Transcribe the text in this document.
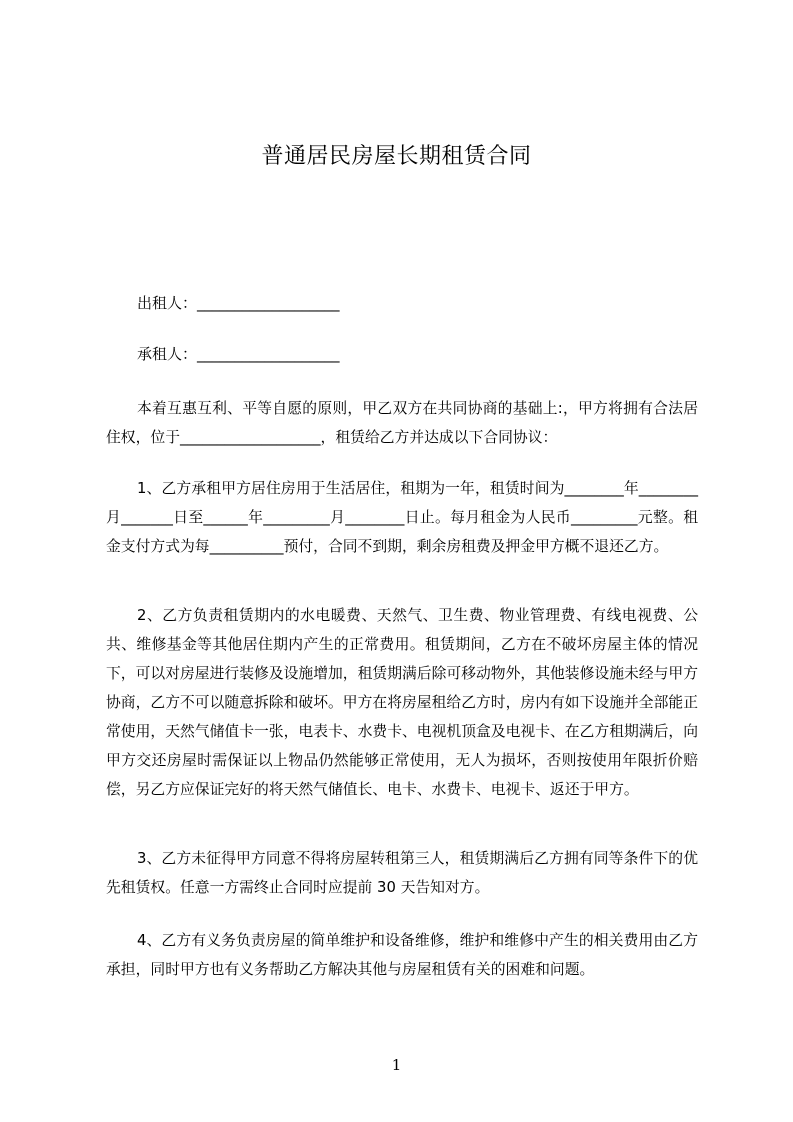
普通居民房屋长期租赁合同
出租人：___________________
承租人：___________________

本着互惠互利、平等自愿的原则，甲乙双方在共同协商的基础上:，甲方将拥有合法居住权，位于___________________，租赁给乙方并达成以下合同协议：

1、乙方承租甲方居住房用于生活居住，租期为一年，租赁时间为________年________月_______日至______年_________月________日止。每月租金为人民币_________元整。租金支付方式为每__________预付，合同不到期，剩余房租费及押金甲方概不退还乙方。

2、乙方负责租赁期内的水电暖费、天然气、卫生费、物业管理费、有线电视费、公共、维修基金等其他居住期内产生的正常费用。租赁期间，乙方在不破坏房屋主体的情况下，可以对房屋进行装修及设施增加，租赁期满后除可移动物外，其他装修设施未经与甲方协商，乙方不可以随意拆除和破坏。甲方在将房屋租给乙方时，房内有如下设施并全部能正常使用，天然气储值卡一张，电表卡、水费卡、电视机顶盒及电视卡、在乙方租期满后，向甲方交还房屋时需保证以上物品仍然能够正常使用，无人为损坏，否则按使用年限折价赔偿，另乙方应保证完好的将天然气储值长、电卡、水费卡、电视卡、返还于甲方。

3、乙方未征得甲方同意不得将房屋转租第三人，租赁期满后乙方拥有同等条件下的优先租赁权。任意一方需终止合同时应提前 30 天告知对方。

4、乙方有义务负责房屋的简单维护和设备维修，维护和维修中产生的相关费用由乙方承担，同时甲方也有义务帮助乙方解决其他与房屋租赁有关的困难和问题。

1
